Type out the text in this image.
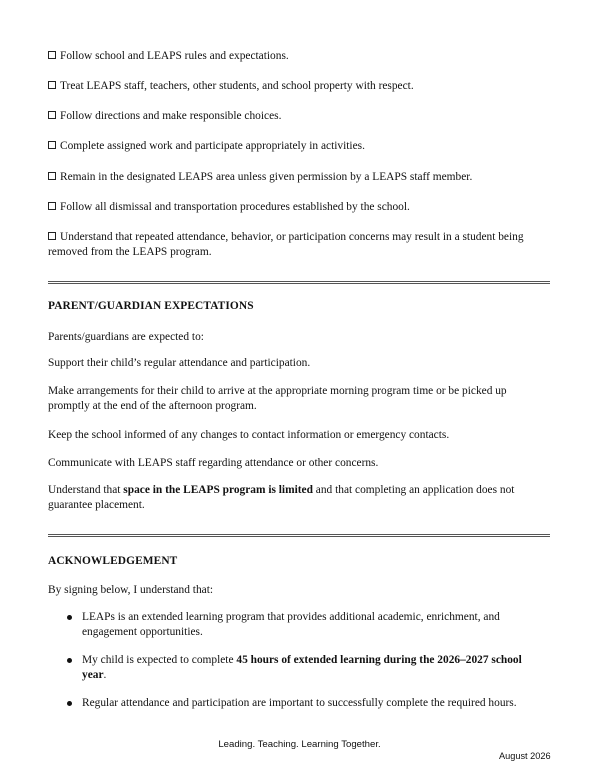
Follow school and LEAPS rules and expectations.
Treat LEAPS staff, teachers, other students, and school property with respect.
Follow directions and make responsible choices.
Complete assigned work and participate appropriately in activities.
Remain in the designated LEAPS area unless given permission by a LEAPS staff member.
Follow all dismissal and transportation procedures established by the school.
Understand that repeated attendance, behavior, or participation concerns may result in a student being removed from the LEAPS program.
PARENT/GUARDIAN EXPECTATIONS
Parents/guardians are expected to:
Support their child’s regular attendance and participation.
Make arrangements for their child to arrive at the appropriate morning program time or be picked up promptly at the end of the afternoon program.
Keep the school informed of any changes to contact information or emergency contacts.
Communicate with LEAPS staff regarding attendance or other concerns.
Understand that space in the LEAPS program is limited and that completing an application does not guarantee placement.
ACKNOWLEDGEMENT
By signing below, I understand that:
LEAPs is an extended learning program that provides additional academic, enrichment, and engagement opportunities.
My child is expected to complete 45 hours of extended learning during the 2026–2027 school year.
Regular attendance and participation are important to successfully complete the required hours.
Leading. Teaching. Learning Together.
August 2026
